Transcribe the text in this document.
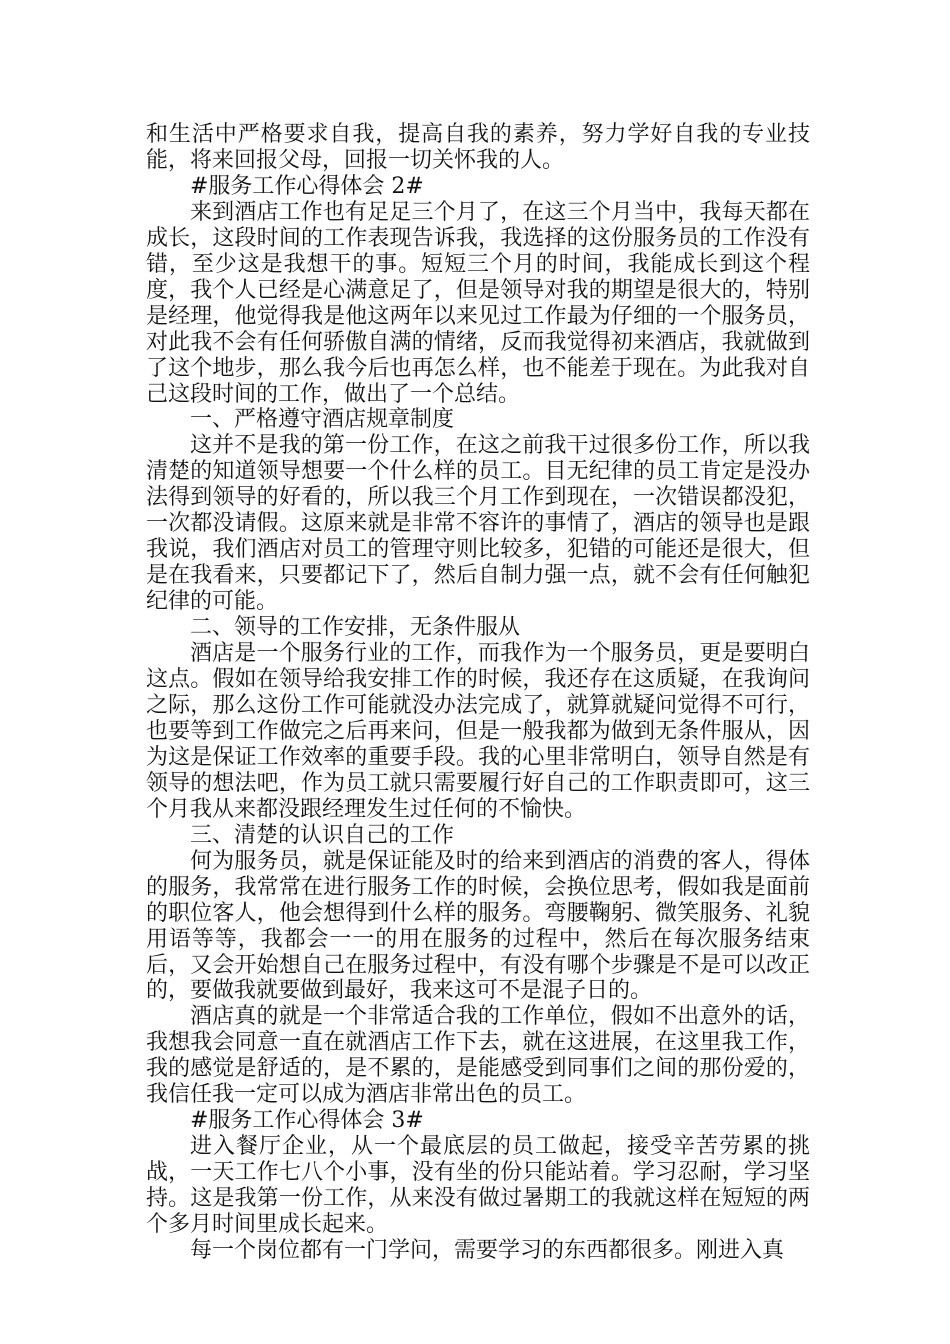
和生活中严格要求自我，提高自我的素养，努力学好自我的专业技能，将来回报父母，回报一切关怀我的人。

#服务工作心得体会 2#

来到酒店工作也有足足三个月了，在这三个月当中，我每天都在成长，这段时间的工作表现告诉我，我选择的这份服务员的工作没有错，至少这是我想干的事。短短三个月的时间，我能成长到这个程度，我个人已经是心满意足了，但是领导对我的期望是很大的，特别是经理，他觉得我是他这两年以来见过工作最为仔细的一个服务员，对此我不会有任何骄傲自满的情绪，反而我觉得初来酒店，我就做到了这个地步，那么我今后也再怎么样，也不能差于现在。为此我对自己这段时间的工作，做出了一个总结。

一、严格遵守酒店规章制度

这并不是我的第一份工作，在这之前我干过很多份工作，所以我清楚的知道领导想要一个什么样的员工。目无纪律的员工肯定是没办法得到领导的好看的，所以我三个月工作到现在，一次错误都没犯，一次都没请假。这原来就是非常不容许的事情了，酒店的领导也是跟我说，我们酒店对员工的管理守则比较多，犯错的可能还是很大，但是在我看来，只要都记下了，然后自制力强一点，就不会有任何触犯纪律的可能。

二、领导的工作安排，无条件服从

酒店是一个服务行业的工作，而我作为一个服务员，更是要明白这点。假如在领导给我安排工作的时候，我还存在这质疑，在我询问之际，那么这份工作可能就没办法完成了，就算就疑问觉得不可行，也要等到工作做完之后再来问，但是一般我都为做到无条件服从，因为这是保证工作效率的重要手段。我的心里非常明白，领导自然是有领导的想法吧，作为员工就只需要履行好自己的工作职责即可，这三个月我从来都没跟经理发生过任何的不愉快。

三、清楚的认识自己的工作

何为服务员，就是保证能及时的给来到酒店的消费的客人，得体的服务，我常常在进行服务工作的时候，会换位思考，假如我是面前的职位客人，他会想得到什么样的服务。弯腰鞠躬、微笑服务、礼貌用语等等，我都会一一的用在服务的过程中，然后在每次服务结束后，又会开始想自己在服务过程中，有没有哪个步骤是不是可以改正的，要做我就要做到最好，我来这可不是混子日的。

酒店真的就是一个非常适合我的工作单位，假如不出意外的话，我想我会同意一直在就酒店工作下去，就在这进展，在这里我工作，我的感觉是舒适的，是不累的，是能感受到同事们之间的那份爱的，我信任我一定可以成为酒店非常出色的员工。

#服务工作心得体会 3#

进入餐厅企业，从一个最底层的员工做起，接受辛苦劳累的挑战，一天工作七八个小事，没有坐的份只能站着。学习忍耐，学习坚持。这是我第一份工作，从来没有做过暑期工的我就这样在短短的两个多月时间里成长起来。

每一个岗位都有一门学问，需要学习的东西都很多。刚进入真
